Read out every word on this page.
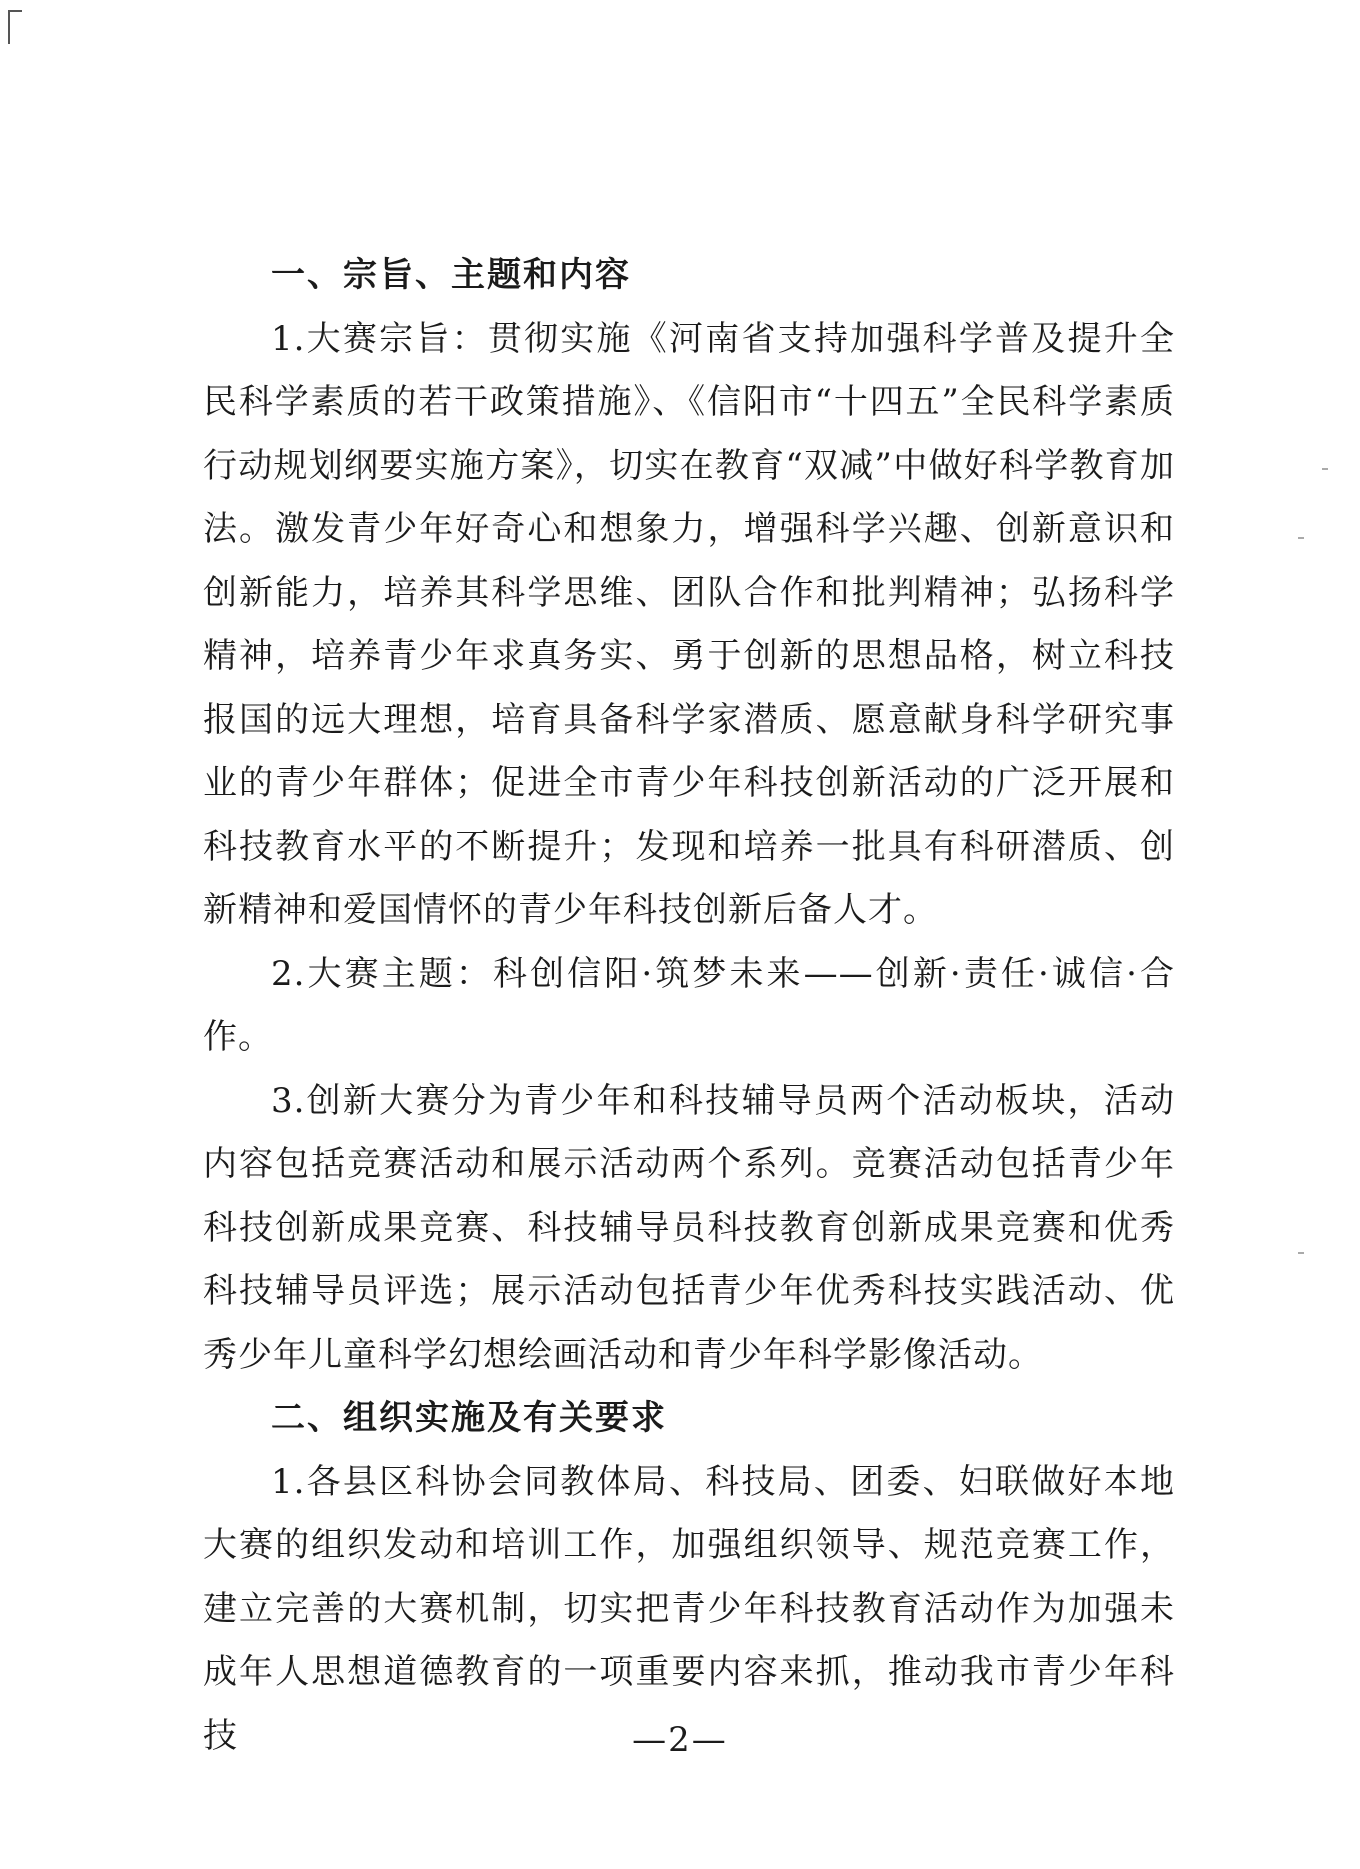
一、宗旨、主题和内容

1.大赛宗旨：贯彻实施《河南省支持加强科学普及提升全民科学素质的若干政策措施》、《信阳市“十四五”全民科学素质行动规划纲要实施方案》，切实在教育“双减”中做好科学教育加法。激发青少年好奇心和想象力，增强科学兴趣、创新意识和创新能力，培养其科学思维、团队合作和批判精神；弘扬科学精神，培养青少年求真务实、勇于创新的思想品格，树立科技报国的远大理想，培育具备科学家潜质、愿意献身科学研究事业的青少年群体；促进全市青少年科技创新活动的广泛开展和科技教育水平的不断提升；发现和培养一批具有科研潜质、创新精神和爱国情怀的青少年科技创新后备人才。

2.大赛主题：科创信阳·筑梦未来——创新·责任·诚信·合作。

3.创新大赛分为青少年和科技辅导员两个活动板块，活动内容包括竞赛活动和展示活动两个系列。竞赛活动包括青少年科技创新成果竞赛、科技辅导员科技教育创新成果竞赛和优秀科技辅导员评选；展示活动包括青少年优秀科技实践活动、优秀少年儿童科学幻想绘画活动和青少年科学影像活动。

二、组织实施及有关要求

1.各县区科协会同教体局、科技局、团委、妇联做好本地大赛的组织发动和培训工作，加强组织领导、规范竞赛工作，建立完善的大赛机制，切实把青少年科技教育活动作为加强未成年人思想道德教育的一项重要内容来抓，推动我市青少年科技	—2—
